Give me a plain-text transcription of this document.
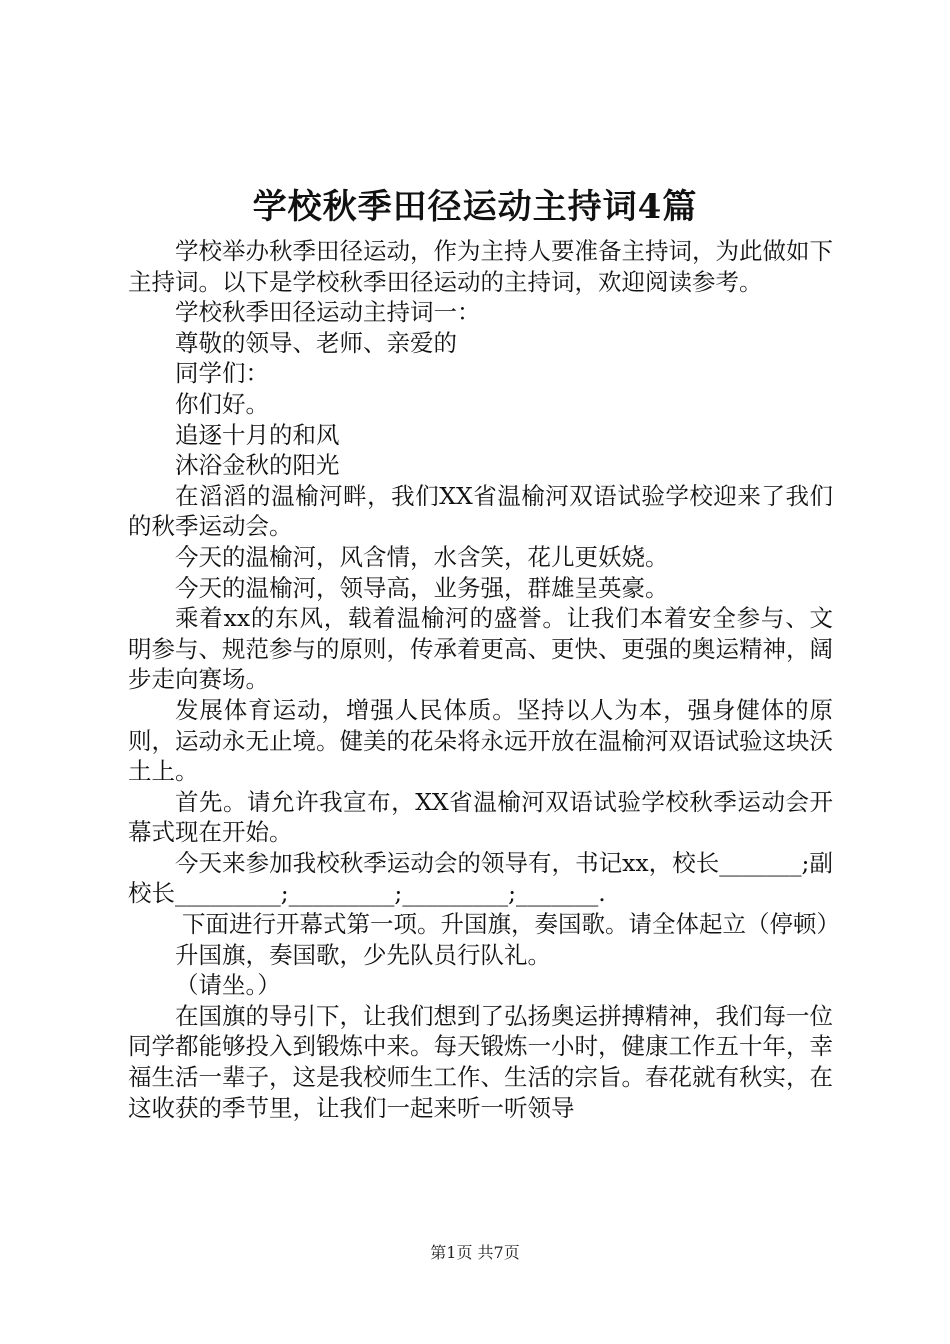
学校秋季田径运动主持词4篇

学校举办秋季田径运动，作为主持人要准备主持词，为此做如下主持词。以下是学校秋季田径运动的主持词，欢迎阅读参考。

学校秋季田径运动主持词一：

尊敬的领导、老师、亲爱的

同学们：

你们好。

追逐十月的和风

沐浴金秋的阳光

在滔滔的温榆河畔，我们XX省温榆河双语试验学校迎来了我们的秋季运动会。

今天的温榆河，风含情，水含笑，花儿更妖娆。

今天的温榆河，领导高，业务强，群雄呈英豪。

乘着xx的东风，载着温榆河的盛誉。让我们本着安全参与、文明参与、规范参与的原则，传承着更高、更快、更强的奥运精神，阔步走向赛场。

发展体育运动，增强人民体质。坚持以人为本，强身健体的原则，运动永无止境。健美的花朵将永远开放在温榆河双语试验这块沃土上。

首先。请允许我宣布，XX省温榆河双语试验学校秋季运动会开幕式现在开始。

今天来参加我校秋季运动会的领导有，书记xx，校长_______;副校长_________;_________;_________;_______.

下面进行开幕式第一项。升国旗，奏国歌。请全体起立（停顿）

升国旗，奏国歌，少先队员行队礼。

（请坐。）

在国旗的导引下，让我们想到了弘扬奥运拼搏精神，我们每一位同学都能够投入到锻炼中来。每天锻炼一小时，健康工作五十年，幸福生活一辈子，这是我校师生工作、生活的宗旨。春花就有秋实，在这收获的季节里，让我们一起来听一听领导

第1页 共7页
